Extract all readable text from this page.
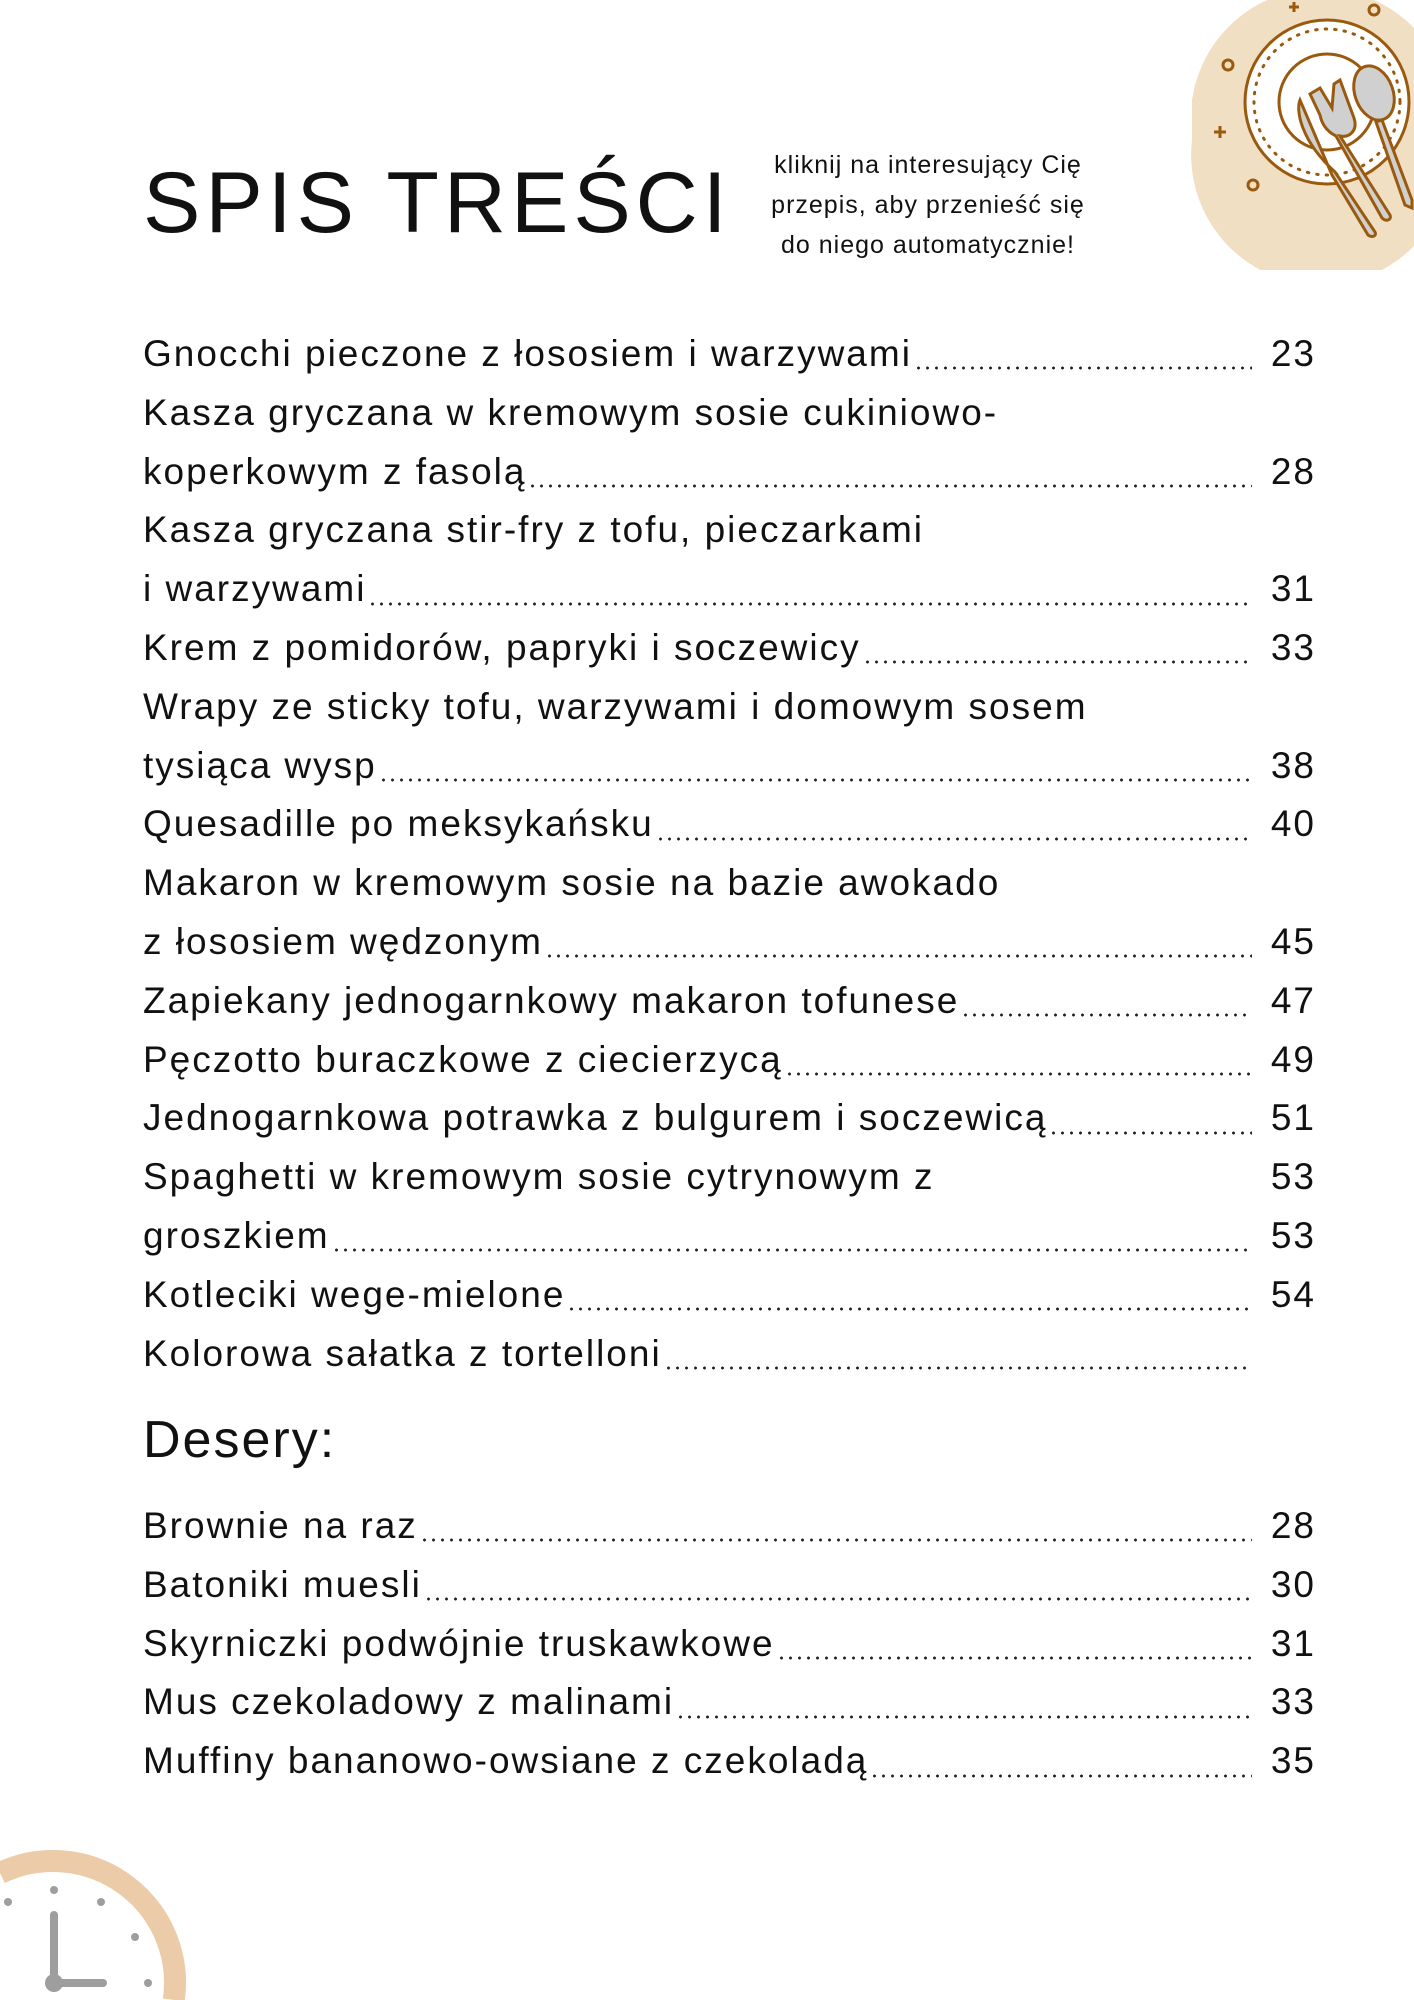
SPIS TREŚCI	kliknij na interesujący Cię
przepis, aby przenieść się
do niego automatycznie!
Gnocchi pieczone z łososiem i warzywami	23
Kasza gryczana w kremowym sosie cukiniowo-
koperkowym z fasolą	28
Kasza gryczana stir-fry z tofu, pieczarkami
i warzywami	31
Krem z pomidorów, papryki i soczewicy	33
Wrapy ze sticky tofu, warzywami i domowym sosem
tysiąca wysp	38
Quesadille po meksykańsku	40
Makaron w kremowym sosie na bazie awokado
z łososiem wędzonym	45
Zapiekany jednogarnkowy makaron tofunese	47
Pęczotto buraczkowe z ciecierzycą	49
Jednogarnkowa potrawka z bulgurem i soczewicą	51
Spaghetti w kremowym sosie cytrynowym z	53
groszkiem	53
Kotleciki wege-mielone	54
Kolorowa sałatka z tortelloni
Desery:
Brownie na raz	28
Batoniki muesli	30
Skyrniczki podwójnie truskawkowe	31
Mus czekoladowy z malinami	33
Muffiny bananowo-owsiane z czekoladą	35
